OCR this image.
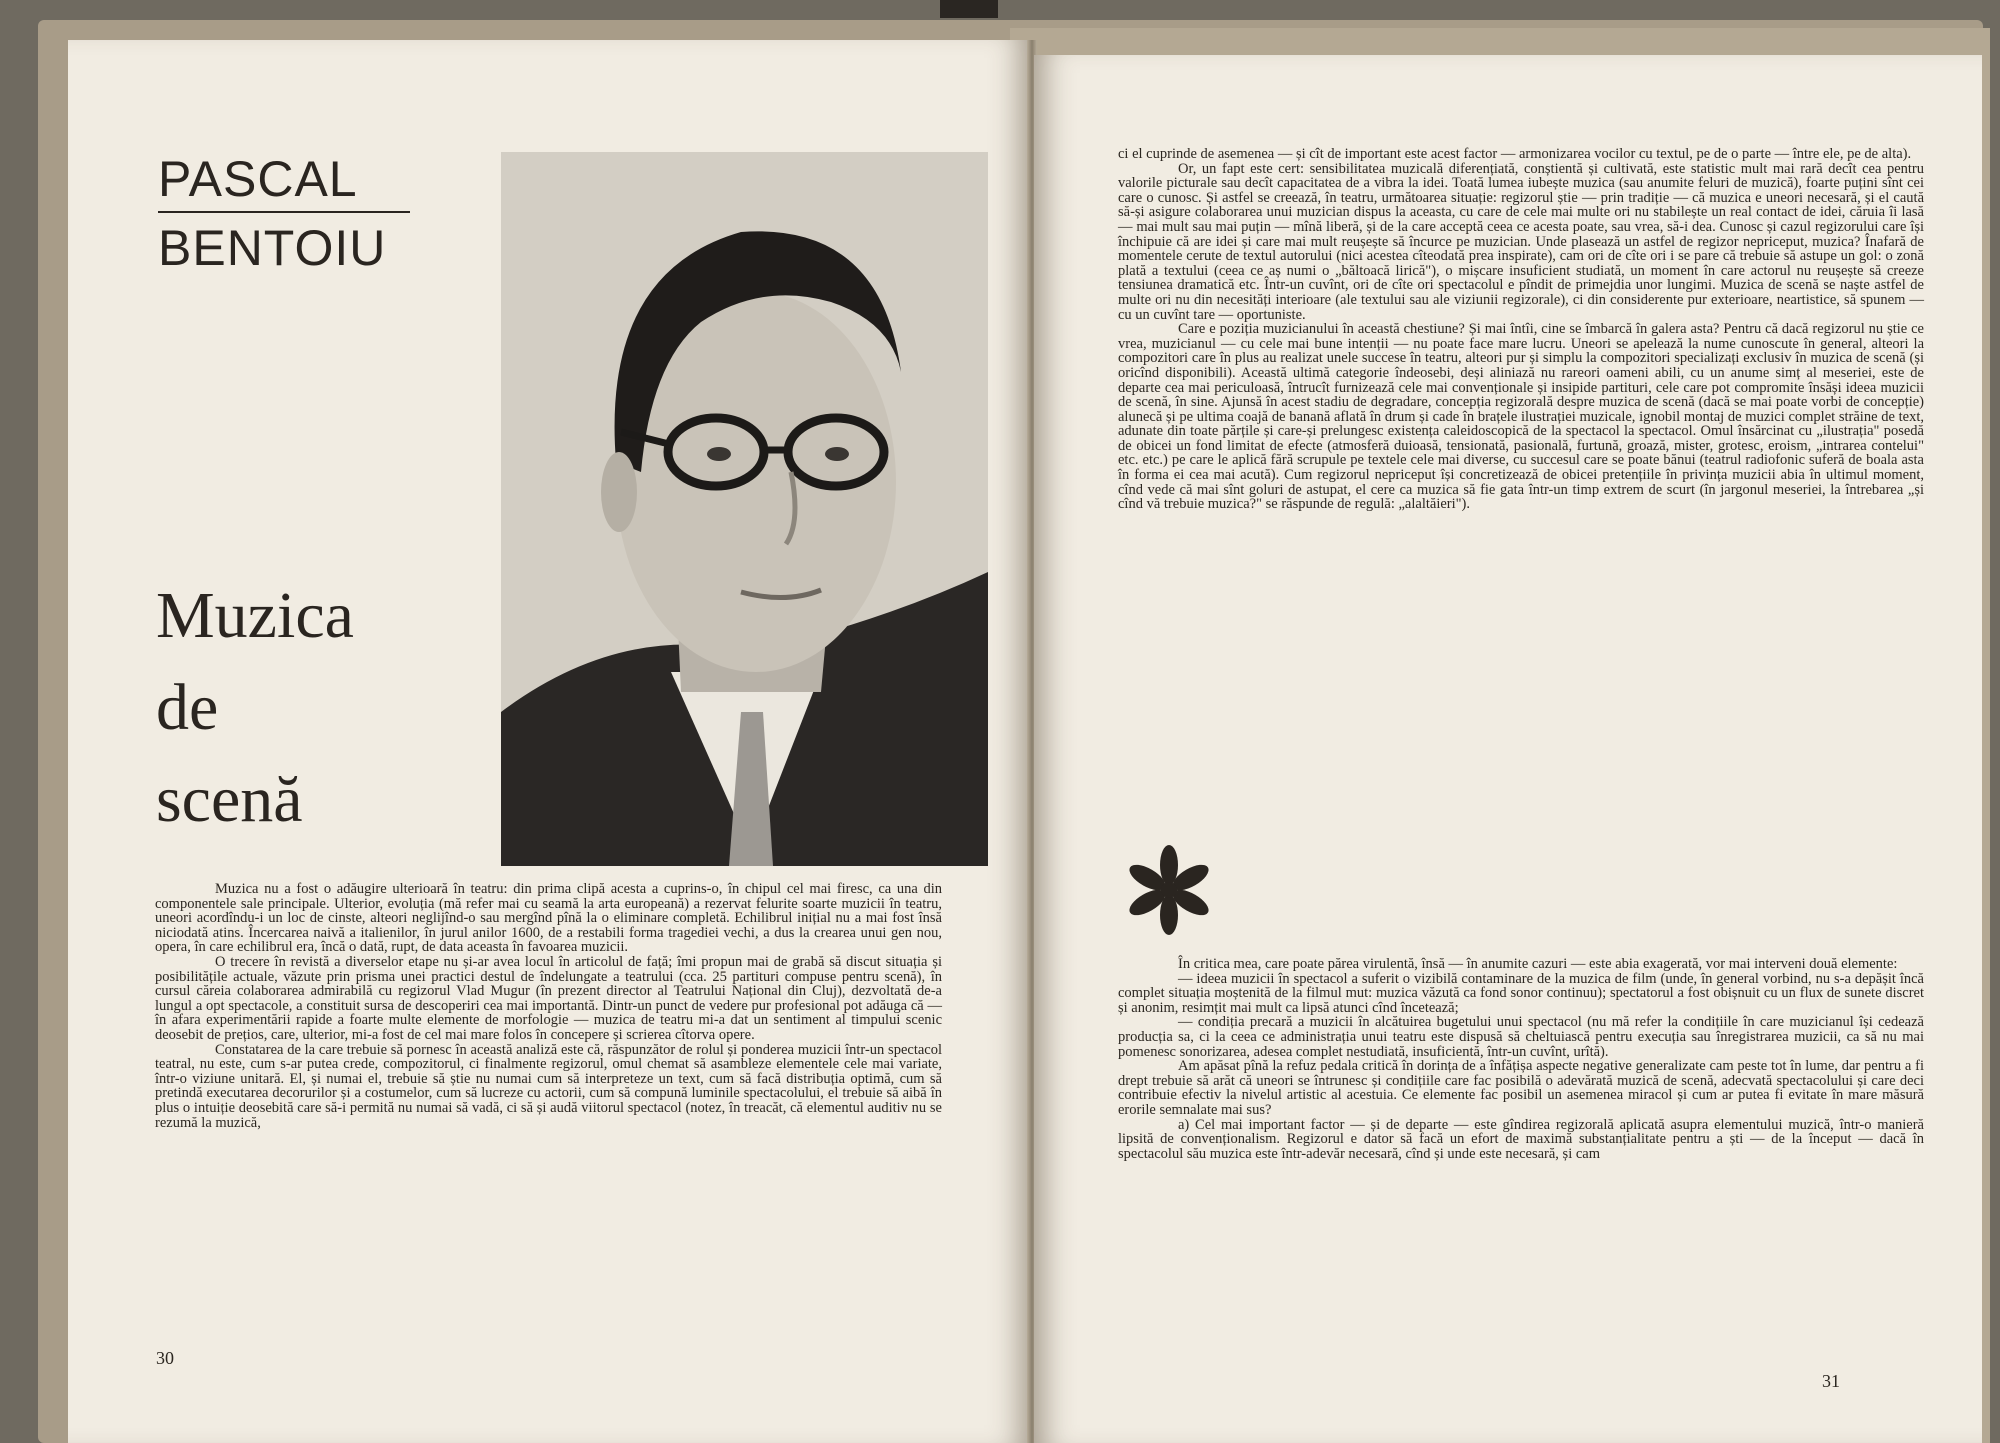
PASCAL
BENTOIU
Muzica
de
scenă

Muzica nu a fost o adăugire ulterioară în teatru: din prima clipă acesta a cuprins-o, în chipul cel mai firesc, ca una din componentele sale principale. Ulterior, evoluția (mă refer mai cu seamă la arta europeană) a rezervat felurite soarte muzicii în teatru, uneori acordîndu-i un loc de cinste, alteori neglijînd-o sau mergînd pînă la o eliminare completă. Echilibrul inițial nu a mai fost însă niciodată atins. Încercarea naivă a italienilor, în jurul anilor 1600, de a restabili forma tragediei vechi, a dus la crearea unui gen nou, opera, în care echilibrul era, încă o dată, rupt, de data aceasta în favoarea muzicii.

O trecere în revistă a diverselor etape nu și-ar avea locul în articolul de față; îmi propun mai de grabă să discut situația și posibilitățile actuale, văzute prin prisma unei practici destul de îndelungate a teatrului (cca. 25 partituri compuse pentru scenă), în cursul căreia colaborarea admirabilă cu regizorul Vlad Mugur (în prezent director al Teatrului Național din Cluj), dezvoltată de-a lungul a opt spectacole, a constituit sursa de descoperiri cea mai importantă. Dintr-un punct de vedere pur profesional pot adăuga că — în afara experimentării rapide a foarte multe elemente de morfologie — muzica de teatru mi-a dat un sentiment al timpului scenic deosebit de prețios, care, ulterior, mi-a fost de cel mai mare folos în concepere și scrierea cîtorva opere.

Constatarea de la care trebuie să pornesc în această analiză este că, răspunzător de rolul și ponderea muzicii într-un spectacol teatral, nu este, cum s-ar putea crede, compozitorul, ci finalmente regizorul, omul chemat să asambleze elementele cele mai variate, într-o viziune unitară. El, și numai el, trebuie să știe nu numai cum să interpreteze un text, cum să facă distribuția optimă, cum să pretindă executarea decorurilor și a costumelor, cum să lucreze cu actorii, cum să compună luminile spectacolului, el trebuie să aibă în plus o intuiție deosebită care să-i permită nu numai să vadă, ci să și audă viitorul spectacol (notez, în treacăt, că elementul auditiv nu se rezumă la muzică,

30

ci el cuprinde de asemenea — și cît de important este acest factor — armonizarea vocilor cu textul, pe de o parte — între ele, pe de alta).

Or, un fapt este cert: sensibilitatea muzicală diferențiată, conștientă și cultivată, este statistic mult mai rară decît cea pentru valorile picturale sau decît capacitatea de a vibra la idei. Toată lumea iubește muzica (sau anumite feluri de muzică), foarte puțini sînt cei care o cunosc. Și astfel se creează, în teatru, următoarea situație: regizorul știe — prin tradiție — că muzica e uneori necesară, și el caută să-și asigure colaborarea unui muzician dispus la aceasta, cu care de cele mai multe ori nu stabilește un real contact de idei, căruia îi lasă — mai mult sau mai puțin — mînă liberă, și de la care acceptă ceea ce acesta poate, sau vrea, să-i dea. Cunosc și cazul regizorului care își închipuie că are idei și care mai mult reușește să încurce pe muzician. Unde plasează un astfel de regizor nepriceput, muzica? Înafară de momentele cerute de textul autorului (nici acestea cîteodată prea inspirate), cam ori de cîte ori i se pare că trebuie să astupe un gol: o zonă plată a textului (ceea ce aș numi o „băltoacă lirică"), o mișcare insuficient studiată, un moment în care actorul nu reușește să creeze tensiunea dramatică etc. Într-un cuvînt, ori de cîte ori spectacolul e pîndit de primejdia unor lungimi. Muzica de scenă se naște astfel de multe ori nu din necesități interioare (ale textului sau ale viziunii regizorale), ci din considerente pur exterioare, neartistice, să spunem — cu un cuvînt tare — oportuniste.

Care e poziția muzicianului în această chestiune? Și mai întîi, cine se îmbarcă în galera asta? Pentru că dacă regizorul nu știe ce vrea, muzicianul — cu cele mai bune intenții — nu poate face mare lucru. Uneori se apelează la nume cunoscute în general, alteori la compozitori care în plus au realizat unele succese în teatru, alteori pur și simplu la compozitori specializați exclusiv în muzica de scenă (și oricînd disponibili). Această ultimă categorie îndeosebi, deși aliniază nu rareori oameni abili, cu un anume simț al meseriei, este de departe cea mai periculoasă, întrucît furnizează cele mai convenționale și insipide partituri, cele care pot compromite însăși ideea muzicii de scenă, în sine. Ajunsă în acest stadiu de degradare, concepția regizorală despre muzica de scenă (dacă se mai poate vorbi de concepție) alunecă și pe ultima coajă de banană aflată în drum și cade în brațele ilustrației muzicale, ignobil montaj de muzici complet străine de text, adunate din toate părțile și care-și prelungesc existența caleidoscopică de la spectacol la spectacol. Omul însărcinat cu „ilustrația" posedă de obicei un fond limitat de efecte (atmosferă duioasă, tensionată, pasională, furtună, groază, mister, grotesc, eroism, „intrarea contelui" etc. etc.) pe care le aplică fără scrupule pe textele cele mai diverse, cu succesul care se poate bănui (teatrul radiofonic suferă de boala asta în forma ei cea mai acută). Cum regizorul nepriceput își concretizează de obicei pretențiile în privința muzicii abia în ultimul moment, cînd vede că mai sînt goluri de astupat, el cere ca muzica să fie gata într-un timp extrem de scurt (în jargonul meseriei, la întrebarea „și cînd vă trebuie muzica?" se răspunde de regulă: „alaltăieri").

În critica mea, care poate părea virulentă, însă — în anumite cazuri — este abia exagerată, vor mai interveni două elemente:

— ideea muzicii în spectacol a suferit o vizibilă contaminare de la muzica de film (unde, în general vorbind, nu s-a depășit încă complet situația moștenită de la filmul mut: muzica văzută ca fond sonor continuu); spectatorul a fost obișnuit cu un flux de sunete discret și anonim, resimțit mai mult ca lipsă atunci cînd încetează;

— condiția precară a muzicii în alcătuirea bugetului unui spectacol (nu mă refer la condițiile în care muzicianul își cedează producția sa, ci la ceea ce administrația unui teatru este dispusă să cheltuiască pentru execuția sau înregistrarea muzicii, ca să nu mai pomenesc sonorizarea, adesea complet nestudiată, insuficientă, într-un cuvînt, urîtă).

Am apăsat pînă la refuz pedala critică în dorința de a înfățișa aspecte negative generalizate cam peste tot în lume, dar pentru a fi drept trebuie să arăt că uneori se întrunesc și condițiile care fac posibilă o adevărată muzică de scenă, adecvată spectacolului și care deci contribuie efectiv la nivelul artistic al acestuia. Ce elemente fac posibil un asemenea miracol și cum ar putea fi evitate în mare măsură erorile semnalate mai sus?

a) Cel mai important factor — și de departe — este gîndirea regizorală aplicată asupra elementului muzică, într-o manieră lipsită de convenționalism. Regizorul e dator să facă un efort de maximă substanțialitate pentru a ști — de la început — dacă în spectacolul său muzica este într-adevăr necesară, cînd și unde este necesară, și cam

31
